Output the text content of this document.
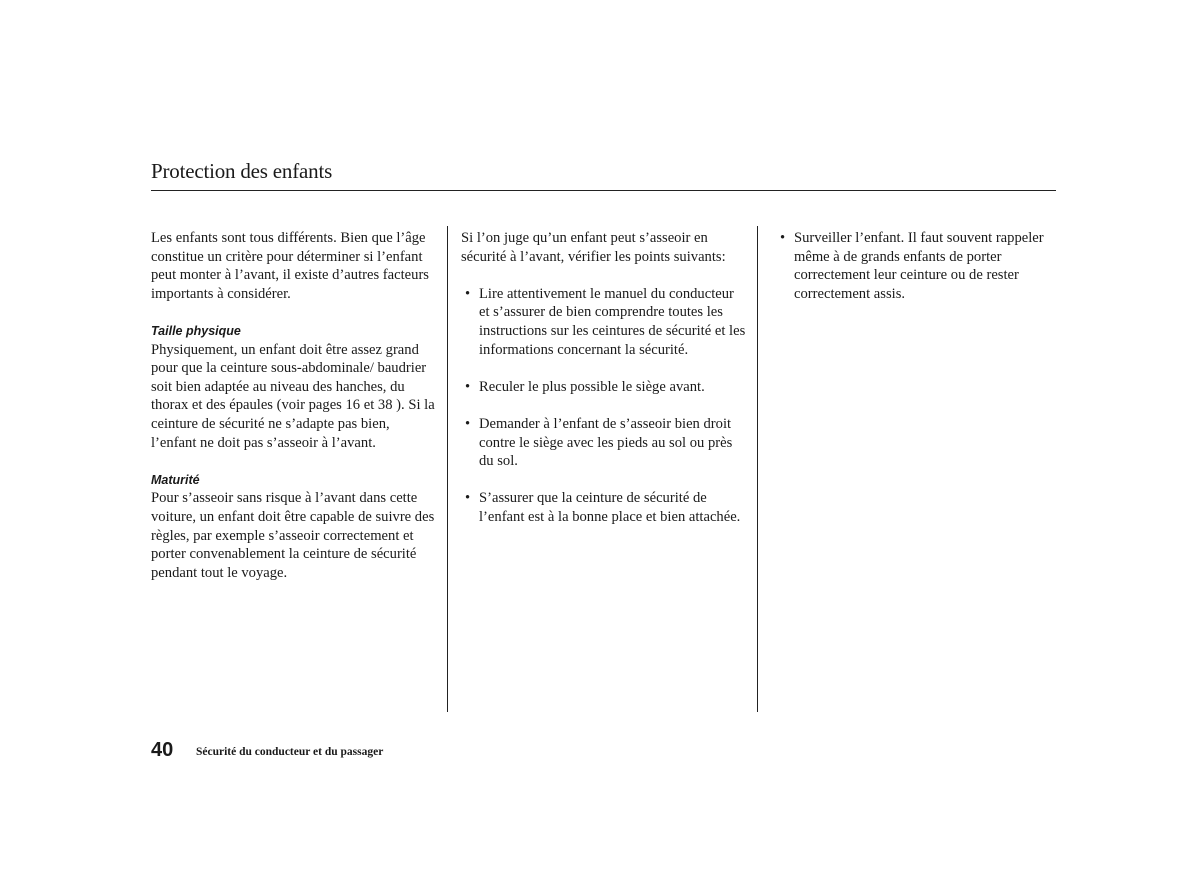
Protection des enfants

Les enfants sont tous différents. Bien que l’âge constitue un critère pour déterminer si l’enfant peut monter à l’avant, il existe d’autres facteurs importants à considérer.

Taille physique

Physiquement, un enfant doit être assez grand pour que la ceinture sous-abdominale/ baudrier soit bien adaptée au niveau des hanches, du thorax et des épaules (voir pages 16 et 38 ). Si la ceinture de sécurité ne s’adapte pas bien, l’enfant ne doit pas s’asseoir à l’avant.

Maturité

Pour s’asseoir sans risque à l’avant dans cette voiture, un enfant doit être capable de suivre des règles, par exemple s’asseoir correctement et porter convenablement la ceinture de sécurité pendant tout le voyage.

Si l’on juge qu’un enfant peut s’asseoir en sécurité à l’avant, vérifier les points suivants:

• Lire attentivement le manuel du conducteur et s’assurer de bien comprendre toutes les instructions sur les ceintures de sécurité et les informations concernant la sécurité.
• Reculer le plus possible le siège avant.
• Demander à l’enfant de s’asseoir bien droit contre le siège avec les pieds au sol ou près du sol.
• S’assurer que la ceinture de sécurité de l’enfant est à la bonne place et bien attachée.
• Surveiller l’enfant. Il faut souvent rappeler même à de grands enfants de porter correctement leur ceinture ou de rester correctement assis.
40 Sécurité du conducteur et du passager
